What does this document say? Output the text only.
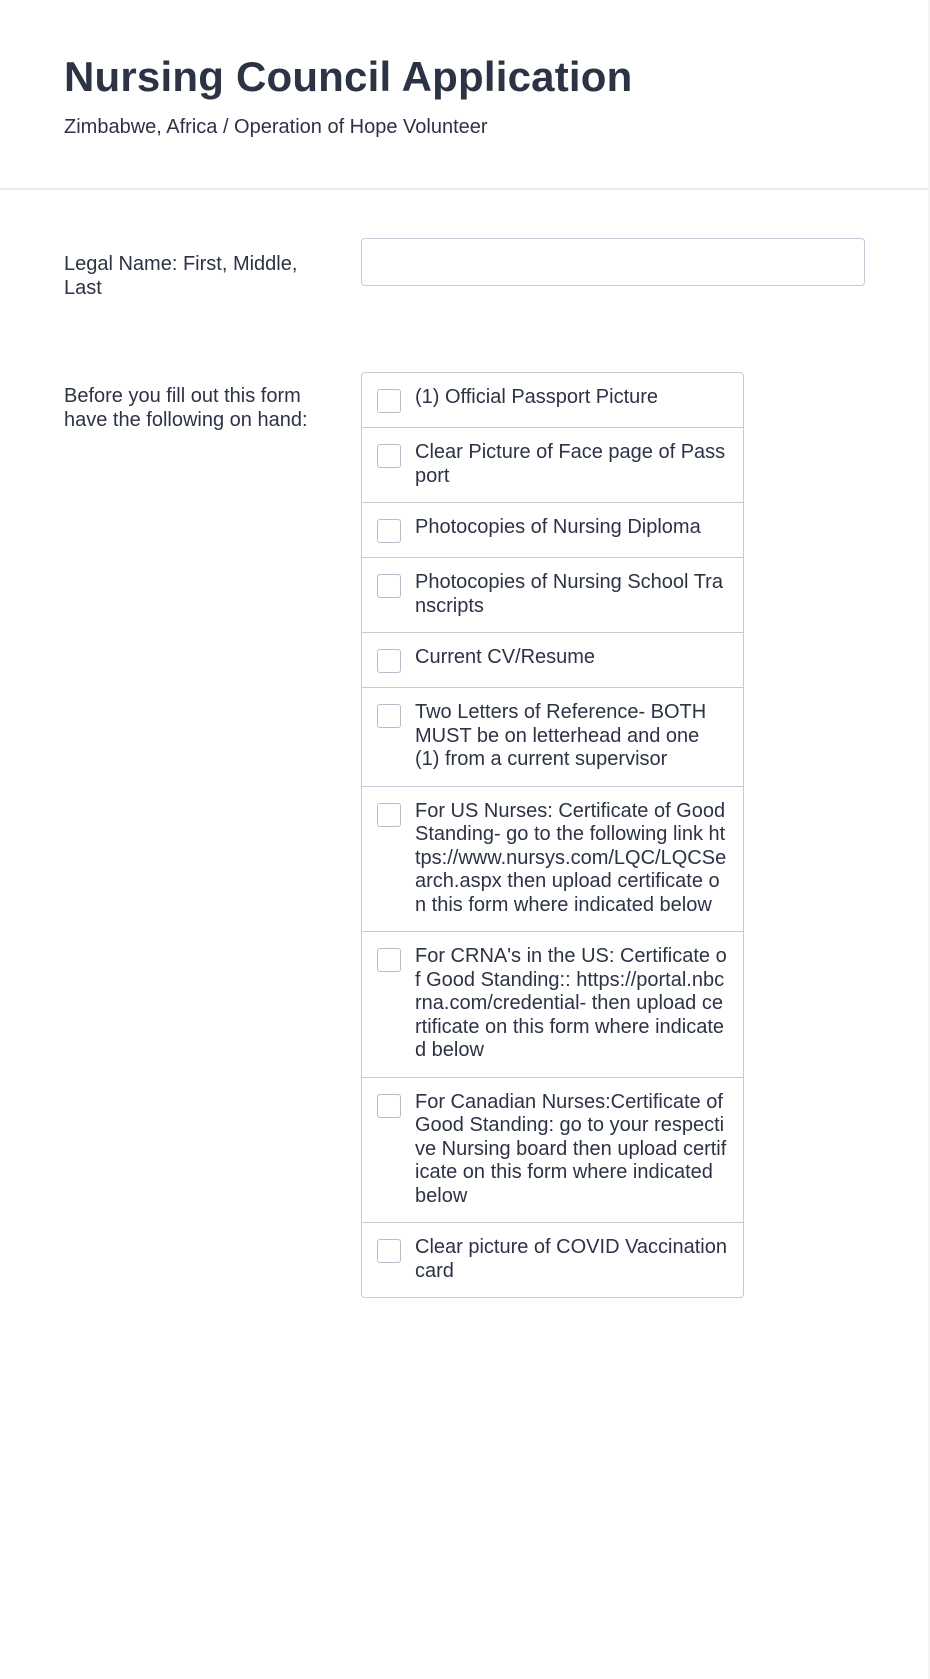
Nursing Council Application
Zimbabwe, Africa / Operation of Hope Volunteer
Legal Name: First, Middle, Last
Before you fill out this form have the following on hand:
(1) Official Passport Picture
Clear Picture of Face page of Passport
Photocopies of Nursing Diploma
Photocopies of Nursing School Transcripts
Current CV/Resume
Two Letters of Reference- BOTH MUST be on letterhead and one (1) from a current supervisor
For US Nurses: Certificate of Good Standing- go to the following link https://www.nursys.com/LQC/LQCSearch.aspx then upload certificate on this form where indicated below
For CRNA's in the US: Certificate of Good Standing:: https://portal.nbcrna.com/credential- then upload certificate on this form where indicated below
For Canadian Nurses:Certificate of Good Standing: go to your respective Nursing board then upload certificate on this form where indicated below
Clear picture of COVID Vaccination card
